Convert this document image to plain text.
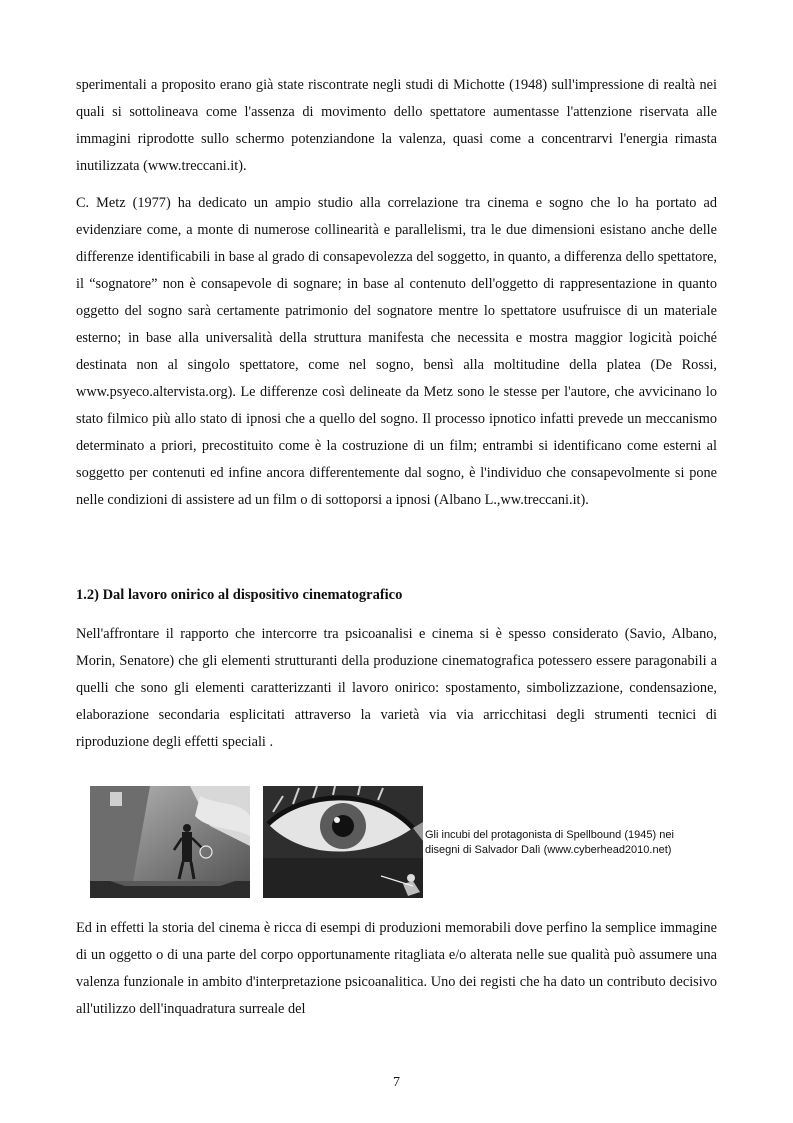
sperimentali a proposito erano già state riscontrate negli studi di Michotte (1948) sull'impressione di realtà nei quali si sottolineava come l'assenza di movimento dello spettatore aumentasse l'attenzione riservata alle immagini riprodotte sullo schermo potenziandone la valenza, quasi come a concentrarvi l'energia rimasta inutilizzata (www.treccani.it).

C. Metz (1977) ha dedicato un ampio studio alla correlazione tra cinema e sogno che lo ha portato ad evidenziare come, a monte di numerose collinearità e parallelismi, tra le due dimensioni esistano anche delle differenze identificabili in base al grado di consapevolezza del soggetto, in quanto, a differenza dello spettatore, il “sognatore” non è consapevole di sognare; in base al contenuto dell'oggetto di rappresentazione in quanto oggetto del sogno sarà certamente patrimonio del sognatore mentre lo spettatore usufruisce di un materiale esterno; in base alla universalità della struttura manifesta che necessita e mostra maggior logicità poiché destinata non al singolo spettatore, come nel sogno, bensì alla moltitudine della platea (De Rossi, www.psyeco.altervista.org). Le differenze così delineate da Metz sono le stesse per l'autore, che avvicinano lo stato filmico più allo stato di ipnosi che a quello del sogno. Il processo ipnotico infatti prevede un meccanismo determinato a priori, precostituito come è la costruzione di un film; entrambi si identificano come esterni al soggetto per contenuti ed infine ancora differentemente dal sogno, è l'individuo che consapevolmente si pone nelle condizioni di assistere ad un film o di sottoporsi a ipnosi (Albano L.,ww.treccani.it).

1.2) Dal lavoro onirico al dispositivo cinematografico

Nell'affrontare il rapporto che intercorre tra psicoanalisi e cinema si è spesso considerato (Savio, Albano, Morin, Senatore) che gli elementi strutturanti della produzione cinematografica potessero essere paragonabili a quelli che sono gli elementi caratterizzanti il lavoro onirico: spostamento, simbolizzazione, condensazione, elaborazione secondaria esplicitati attraverso la varietà via via arricchitasi degli strumenti tecnici di riproduzione degli effetti speciali .

Gli incubi del protagonista di Spellbound (1945) nei
disegni di Salvador Dalì (www.cyberhead2010.net)

Ed in effetti la storia del cinema è ricca di esempi di produzioni memorabili dove perfino la semplice immagine di un oggetto o di una parte del corpo opportunamente ritagliata e/o alterata nelle sue qualità può assumere una valenza funzionale in ambito d'interpretazione psicoanalitica. Uno dei registi che ha dato un contributo decisivo all'utilizzo dell'inquadratura surreale del

7
